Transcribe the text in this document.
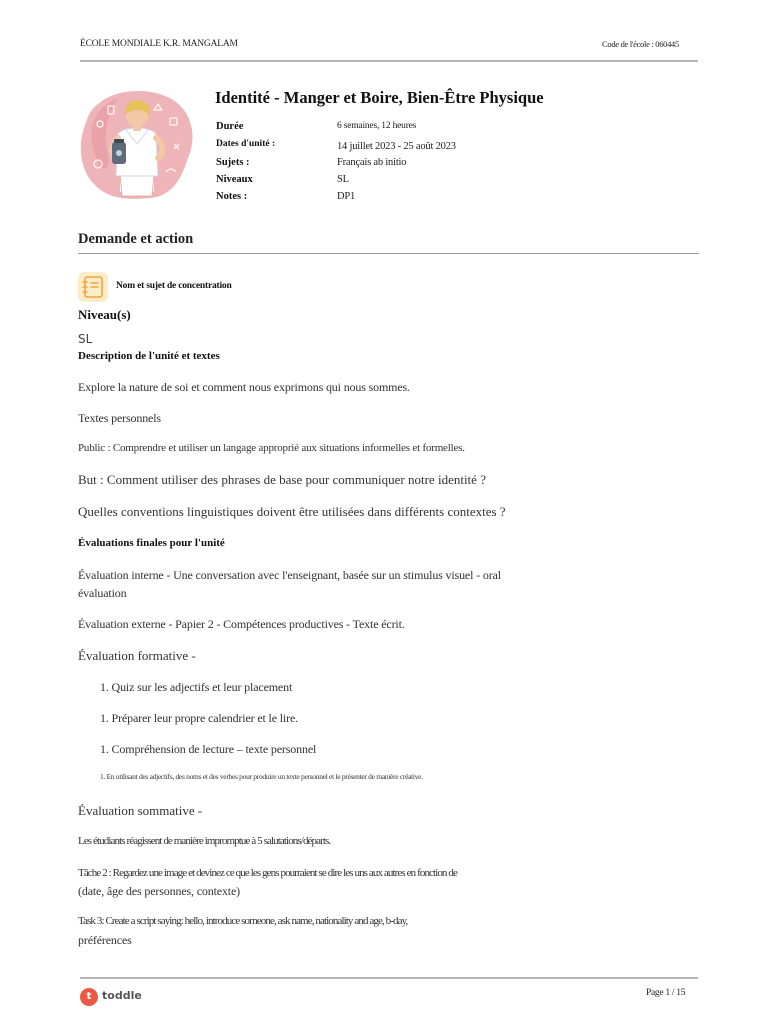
ÉCOLE MONDIALE K.R. MANGALAM	Code de l'école : 060445
Identité - Manger et Boire, Bien-Être Physique
Durée	6 semaines, 12 heures
Dates d'unité :	14 juillet 2023 - 25 août 2023
Sujets :	Français ab initio
Niveaux	SL
Notes :	DP1
Demande et action
Nom et sujet de concentration
Niveau(s)
SL
Description de l'unité et textes
Explore la nature de soi et comment nous exprimons qui nous sommes.
Textes personnels
Public : Comprendre et utiliser un langage approprié aux situations informelles et formelles.
But : Comment utiliser des phrases de base pour communiquer notre identité ?
Quelles conventions linguistiques doivent être utilisées dans différents contextes ?
Évaluations finales pour l'unité
Évaluation interne - Une conversation avec l'enseignant, basée sur un stimulus visuel - oral
évaluation
Évaluation externe - Papier 2 - Compétences productives - Texte écrit.
Évaluation formative -
1. Quiz sur les adjectifs et leur placement
1. Préparer leur propre calendrier et le lire.
1. Compréhension de lecture – texte personnel
1. En utilisant des adjectifs, des noms et des verbes pour produire un texte personnel et le présenter de manière créative.
Évaluation sommative -
Les étudiants réagissent de manière impromptue à 5 salutations/départs.
Tâche 2 : Regardez une image et devinez ce que les gens pourraient se dire les uns aux autres en fonction de
(date, âge des personnes, contexte)
Task 3: Create a script saying: hello, introduce someone, ask name, nationality and age, b-day,
préférences
t toddle	Page 1 / 15
